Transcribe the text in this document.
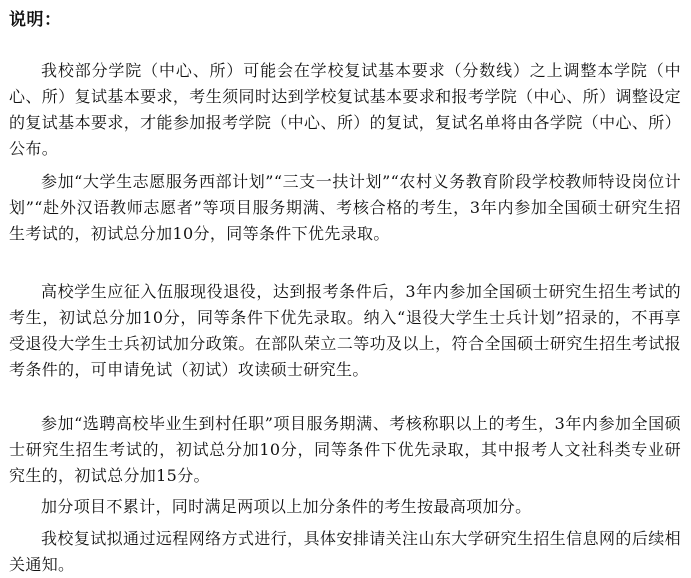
说明：

我校部分学院（中心、所）可能会在学校复试基本要求（分数线）之上调整本学院（中心、所）复试基本要求，考生须同时达到学校复试基本要求和报考学院（中心、所）调整设定的复试基本要求，才能参加报考学院（中心、所）的复试，复试名单将由各学院（中心、所）公布。

参加“大学生志愿服务西部计划”“三支一扶计划”“农村义务教育阶段学校教师特设岗位计划”“赴外汉语教师志愿者”等项目服务期满、考核合格的考生，3年内参加全国硕士研究生招生考试的，初试总分加10分，同等条件下优先录取。

高校学生应征入伍服现役退役，达到报考条件后，3年内参加全国硕士研究生招生考试的考生，初试总分加10分，同等条件下优先录取。纳入“退役大学生士兵计划”招录的，不再享受退役大学生士兵初试加分政策。在部队荣立二等功及以上，符合全国硕士研究生招生考试报考条件的，可申请免试（初试）攻读硕士研究生。

参加“选聘高校毕业生到村任职”项目服务期满、考核称职以上的考生，3年内参加全国硕士研究生招生考试的，初试总分加10分，同等条件下优先录取，其中报考人文社科类专业研究生的，初试总分加15分。

加分项目不累计，同时满足两项以上加分条件的考生按最高项加分。

我校复试拟通过远程网络方式进行，具体安排请关注山东大学研究生招生信息网的后续相关通知。
